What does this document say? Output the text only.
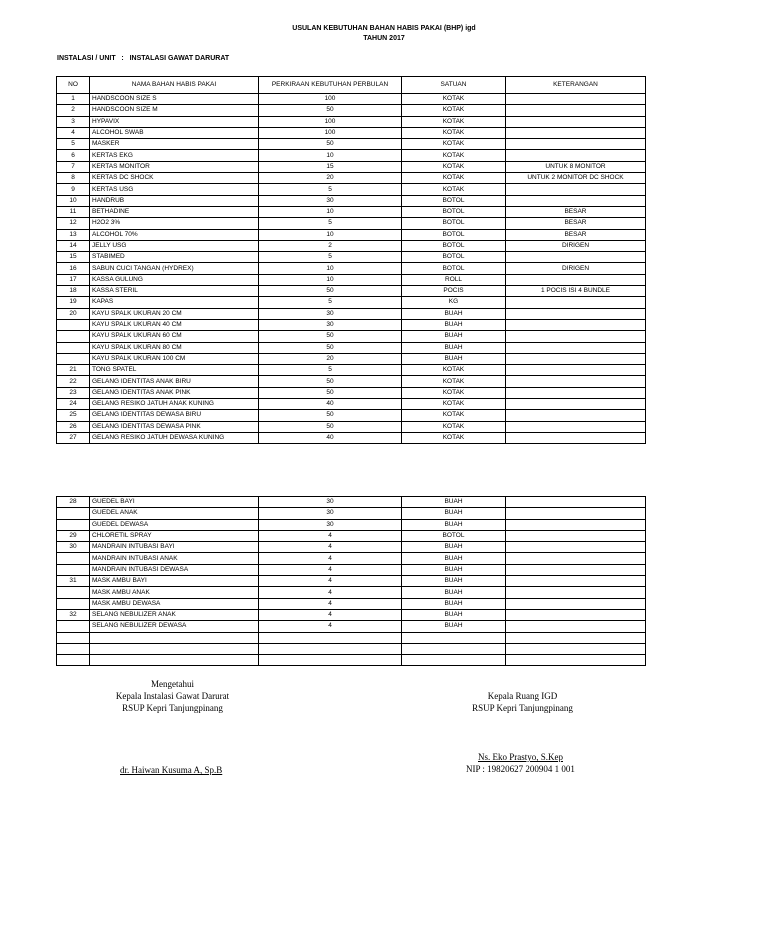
USULAN KEBUTUHAN BAHAN HABIS PAKAI (BHP) igd
TAHUN 2017
INSTALASI / UNIT   :   INSTALASI GAWAT DARURAT
NO	NAMA BAHAN HABIS PAKAI	PERKIRAAN KEBUTUHAN PERBULAN	SATUAN	KETERANGAN
1	HANDSCOON SIZE S	100	KOTAK	
2	HANDSCOON SIZE M	50	KOTAK	
3	HYPAVIX	100	KOTAK	
4	ALCOHOL SWAB	100	KOTAK	
5	MASKER	50	KOTAK	
6	KERTAS EKG	10	KOTAK	
7	KERTAS MONITOR	15	KOTAK	UNTUK 8 MONITOR
8	KERTAS DC SHOCK	20	KOTAK	UNTUK 2 MONITOR DC SHOCK
9	KERTAS USG	5	KOTAK	
10	HANDRUB	30	BOTOL	
11	BETHADINE	10	BOTOL	BESAR
12	H2O2 3%	5	BOTOL	BESAR
13	ALCOHOL 70%	10	BOTOL	BESAR
14	JELLY USG	2	BOTOL	DIRIGEN
15	STABIMED	5	BOTOL	
16	SABUN CUCI TANGAN (HYDREX)	10	BOTOL	DIRIGEN
17	KASSA GULUNG	10	ROLL	
18	KASSA STERIL	50	POCIS	1 POCIS ISI 4 BUNDLE
19	KAPAS	5	KG	
20	KAYU SPALK UKURAN 20 CM	30	BUAH	
	KAYU SPALK UKURAN 40 CM	30	BUAH	
	KAYU SPALK UKURAN 60 CM	50	BUAH	
	KAYU SPALK UKURAN 80 CM	50	BUAH	
	KAYU SPALK UKURAN 100 CM	20	BUAH	
21	TONG SPATEL	5	KOTAK	
22	GELANG IDENTITAS ANAK BIRU	50	KOTAK	
23	GELANG IDENTITAS ANAK PINK	50	KOTAK	
24	GELANG RESIKO JATUH ANAK KUNING	40	KOTAK	
25	GELANG IDENTITAS DEWASA BIRU	50	KOTAK	
26	GELANG IDENTITAS DEWASA PINK	50	KOTAK	
27	GELANG RESIKO JATUH DEWASA KUNING	40	KOTAK	
28	GUEDEL BAYI	30	BUAH	
	GUEDEL ANAK	30	BUAH	
	GUEDEL DEWASA	30	BUAH	
29	CHLORETIL SPRAY	4	BOTOL	
30	MANDRAIN INTUBASI BAYI	4	BUAH	
	MANDRAIN INTUBASI ANAK	4	BUAH	
	MANDRAIN INTUBASI DEWASA	4	BUAH	
31	MASK AMBU BAYI	4	BUAH	
	MASK AMBU ANAK	4	BUAH	
	MASK AMBU DEWASA	4	BUAH	
32	SELANG NEBULIZER ANAK	4	BUAH	
	SELANG NEBULIZER DEWASA	4	BUAH	

Mengetahui
Kepala Instalasi Gawat Darurat
RSUP Kepri Tanjungpinang
dr. Haiwan Kusuma A, Sp.B
Kepala Ruang IGD
RSUP Kepri Tanjungpinang
Ns. Eko Prastyo, S.Kep
NIP : 19820627 200904 1 001
